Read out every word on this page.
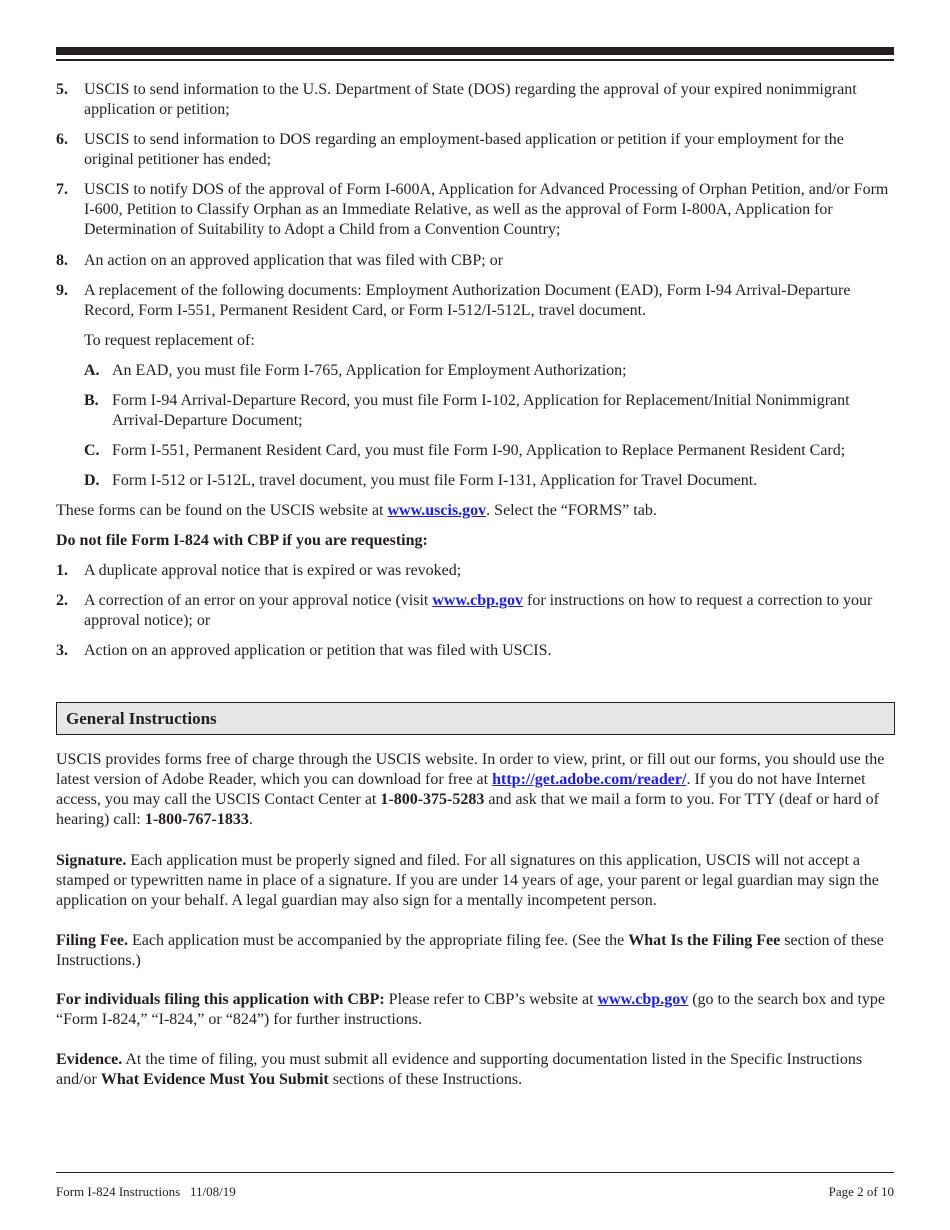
5. USCIS to send information to the U.S. Department of State (DOS) regarding the approval of your expired nonimmigrant application or petition;
6. USCIS to send information to DOS regarding an employment-based application or petition if your employment for the original petitioner has ended;
7. USCIS to notify DOS of the approval of Form I-600A, Application for Advanced Processing of Orphan Petition, and/or Form I-600, Petition to Classify Orphan as an Immediate Relative, as well as the approval of Form I-800A, Application for Determination of Suitability to Adopt a Child from a Convention Country;
8. An action on an approved application that was filed with CBP; or
9. A replacement of the following documents: Employment Authorization Document (EAD), Form I-94 Arrival-Departure Record, Form I-551, Permanent Resident Card, or Form I-512/I-512L, travel document.
To request replacement of:
A. An EAD, you must file Form I-765, Application for Employment Authorization;
B. Form I-94 Arrival-Departure Record, you must file Form I-102, Application for Replacement/Initial Nonimmigrant Arrival-Departure Document;
C. Form I-551, Permanent Resident Card, you must file Form I-90, Application to Replace Permanent Resident Card;
D. Form I-512 or I-512L, travel document, you must file Form I-131, Application for Travel Document.
These forms can be found on the USCIS website at www.uscis.gov. Select the “FORMS” tab.
Do not file Form I-824 with CBP if you are requesting:
1. A duplicate approval notice that is expired or was revoked;
2. A correction of an error on your approval notice (visit www.cbp.gov for instructions on how to request a correction to your approval notice); or
3. Action on an approved application or petition that was filed with USCIS.
General Instructions
USCIS provides forms free of charge through the USCIS website. In order to view, print, or fill out our forms, you should use the latest version of Adobe Reader, which you can download for free at http://get.adobe.com/reader/. If you do not have Internet access, you may call the USCIS Contact Center at 1-800-375-5283 and ask that we mail a form to you. For TTY (deaf or hard of hearing) call: 1-800-767-1833.
Signature. Each application must be properly signed and filed. For all signatures on this application, USCIS will not accept a stamped or typewritten name in place of a signature. If you are under 14 years of age, your parent or legal guardian may sign the application on your behalf. A legal guardian may also sign for a mentally incompetent person.
Filing Fee. Each application must be accompanied by the appropriate filing fee. (See the What Is the Filing Fee section of these Instructions.)
For individuals filing this application with CBP: Please refer to CBP’s website at www.cbp.gov (go to the search box and type “Form I-824,” “I-824,” or “824”) for further instructions.
Evidence. At the time of filing, you must submit all evidence and supporting documentation listed in the Specific Instructions and/or What Evidence Must You Submit sections of these Instructions.
Form I-824 Instructions   11/08/19	Page 2 of 10
